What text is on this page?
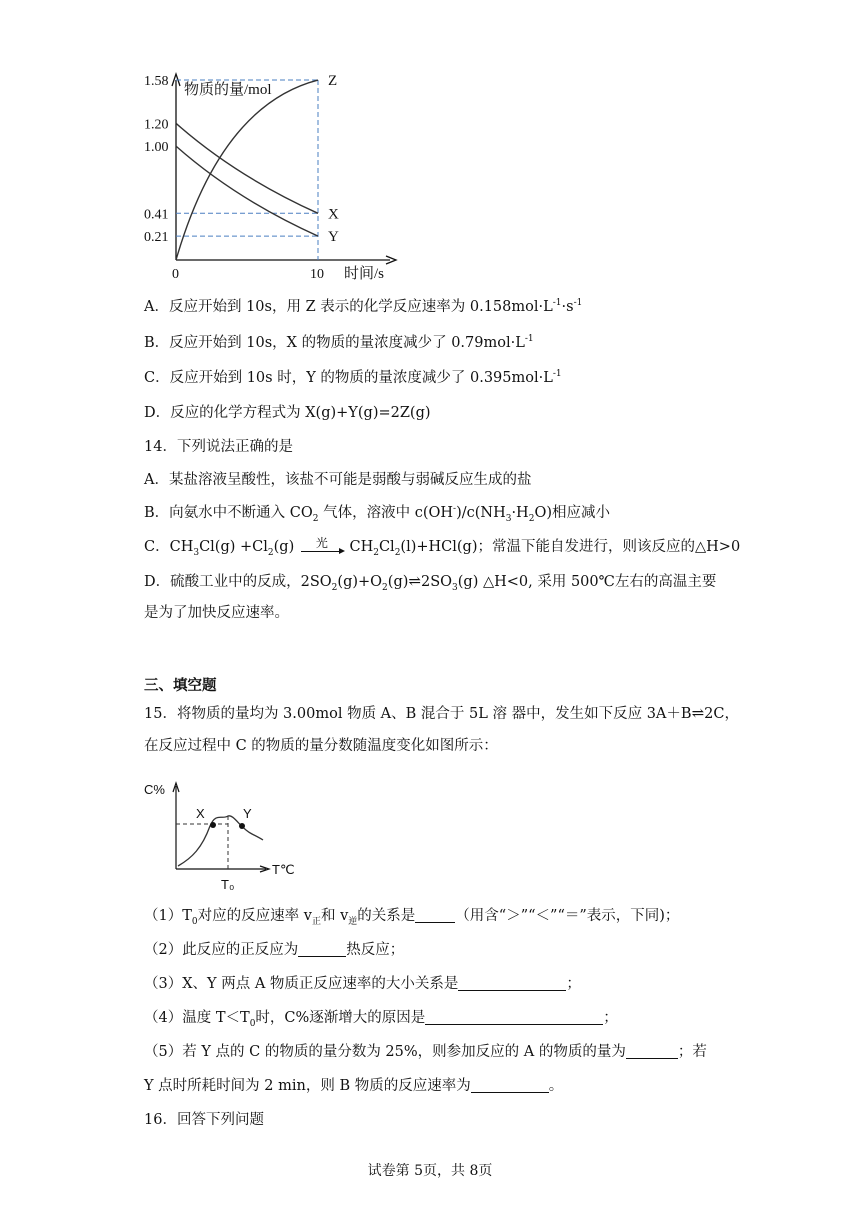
物质的量/mol
时间/s
1.58
1.20
1.00
0.41
0.21
0	10
Z
X
Y
A．反应开始到 10s，用 Z 表示的化学反应速率为 $0.158mol\cdot L^{-1}\cdot s^{-1}$
B．反应开始到 10s，X 的物质的量浓度减少了 $0.79mol\cdot L^{-1}$
C．反应开始到 10s 时，Y 的物质的量浓度减少了 $0.395mol\cdot L^{-1}$
D．反应的化学方程式为 X(g)+Y(g)=2Z(g)
14．下列说法正确的是
A．某盐溶液呈酸性，该盐不可能是弱酸与弱碱反应生成的盐
B．向氨水中不断通入 $CO_2$ 气体，溶液中 $c(OH^-)/c(NH_3\cdot H_2O)$相应减小
C．$CH_3Cl(g) +Cl_2(g)$	光	$CH_2Cl_2(l)+HCl(g)$；常温下能自发进行，则该反应的△H>0
D．硫酸工业中的反成，$2SO_2(g)+O_2(g)\rightleftharpoons 2SO_3(g)$ △H<0, 采用 500℃左右的高温主要
是为了加快反应速率。
三、填空题
15．将物质的量均为 3.00mol 物质 A、B 混合于 5L 溶 器中，发生如下反应 3A＋B⇌2C，
在反应过程中 C 的物质的量分数随温度变化如图所示：
C%
T℃
T₀
X	Y
$(1)T_0$对应的反应速率 $v_正$和 $v_逆$的关系是	（用含“＞”“＜”“＝”表示，下同)；
（2）此反应的正反应为	热反应；
（3）X、Y 两点 A 物质正反应速率的大小关系是	；
（4）温度 $T<T_0$时，C%逐渐增大的原因是	；
（5）若 Y 点的 C 的物质的量分数为 25%，则参加反应的 A 的物质的量为	；若
Y 点时所耗时间为 2 min，则 B 物质的反应速率为	。
16．回答下列问题
试卷第 5页，共 8页
